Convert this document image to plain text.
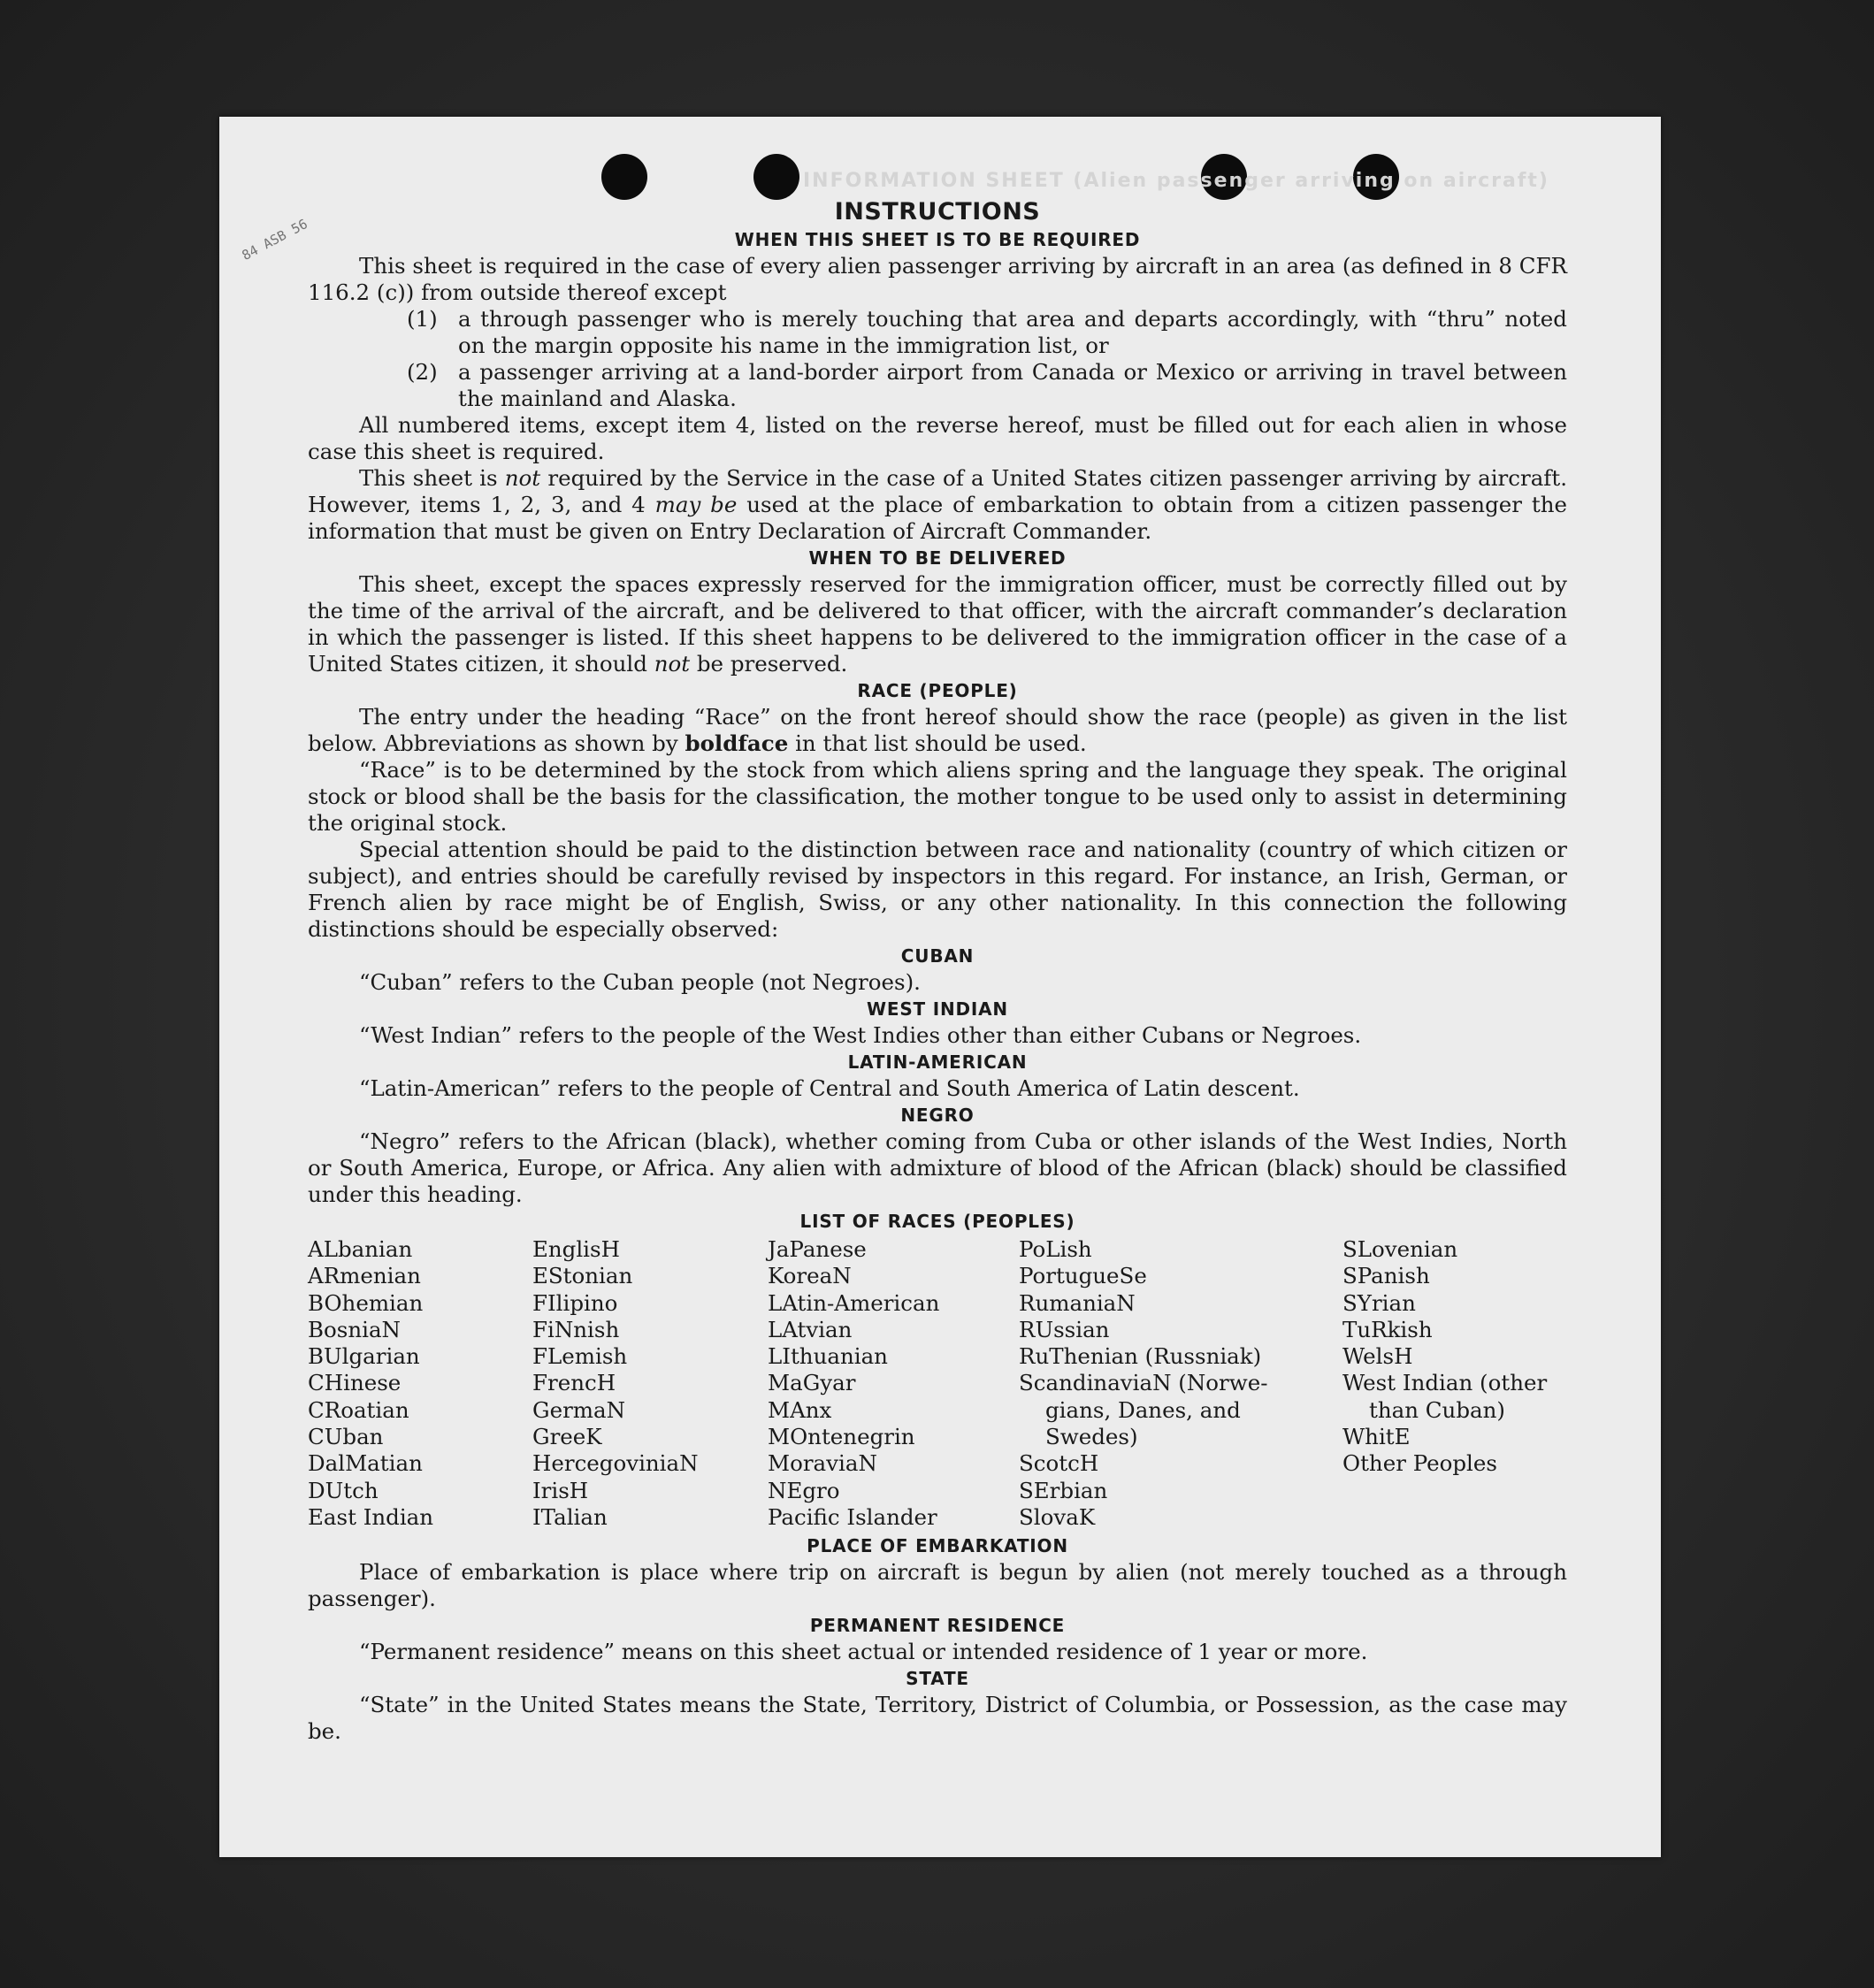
INFORMATION SHEET (Alien passenger arriving on aircraft)
84 ASB 56
INSTRUCTIONS
WHEN THIS SHEET IS TO BE REQUIRED

This sheet is required in the case of every alien passenger arriving by aircraft in an area (as defined in 8 CFR 116.2 (c)) from outside thereof except

(1) a through passenger who is merely touching that area and departs accordingly, with “thru” noted on the margin opposite his name in the immigration list, or
(2) a passenger arriving at a land-border airport from Canada or Mexico or arriving in travel between the mainland and Alaska.

All numbered items, except item 4, listed on the reverse hereof, must be filled out for each alien in whose case this sheet is required.

This sheet is not required by the Service in the case of a United States citizen passenger arriving by aircraft. However, items 1, 2, 3, and 4 may be used at the place of embarkation to obtain from a citizen passenger the information that must be given on Entry Declaration of Aircraft Commander.

WHEN TO BE DELIVERED

This sheet, except the spaces expressly reserved for the immigration officer, must be correctly filled out by the time of the arrival of the aircraft, and be delivered to that officer, with the aircraft commander’s declaration in which the passenger is listed. If this sheet happens to be delivered to the immigration officer in the case of a United States citizen, it should not be preserved.

RACE (PEOPLE)

The entry under the heading “Race” on the front hereof should show the race (people) as given in the list below. Abbreviations as shown by boldface in that list should be used.

“Race” is to be determined by the stock from which aliens spring and the language they speak. The original stock or blood shall be the basis for the classification, the mother tongue to be used only to assist in determining the original stock.

Special attention should be paid to the distinction between race and nationality (country of which citizen or subject), and entries should be carefully revised by inspectors in this regard. For instance, an Irish, German, or French alien by race might be of English, Swiss, or any other nationality. In this connection the following distinctions should be especially observed:

CUBAN

“Cuban” refers to the Cuban people (not Negroes).

WEST INDIAN

“West Indian” refers to the people of the West Indies other than either Cubans or Negroes.

LATIN-AMERICAN

“Latin-American” refers to the people of Central and South America of Latin descent.

NEGRO

“Negro” refers to the African (black), whether coming from Cuba or other islands of the West Indies, North or South America, Europe, or Africa. Any alien with admixture of blood of the African (black) should be classified under this heading.

LIST OF RACES (PEOPLES)
ALbanian
ARmenian
BOhemian
BosniaN
BUlgarian
CHinese
CRoatian
CUban
DalMatian
DUtch
East Indian
EnglisH
EStonian
FIlipino
FiNnish
FLemish
FrencH
GermaN
GreeK
HercegoviniaN
IrisH
ITalian
JaPanese
KoreaN
LAtin-American
LAtvian
LIthuanian
MaGyar
MAnx
MOntenegrin
MoraviaN
NEgro
Pacific Islander
PoLish
PortugueSe
RumaniaN
RUssian
RuThenian (Russniak)
ScandinaviaN (Norwe-
gians, Danes, and
Swedes)
ScotcH
SErbian
SlovaK
SLovenian
SPanish
SYrian
TuRkish
WelsH
West Indian (other
than Cuban)
WhitE
Other Peoples
PLACE OF EMBARKATION

Place of embarkation is place where trip on aircraft is begun by alien (not merely touched as a through passenger).

PERMANENT RESIDENCE

“Permanent residence” means on this sheet actual or intended residence of 1 year or more.

STATE

“State” in the United States means the State, Territory, District of Columbia, or Possession, as the case may be.
